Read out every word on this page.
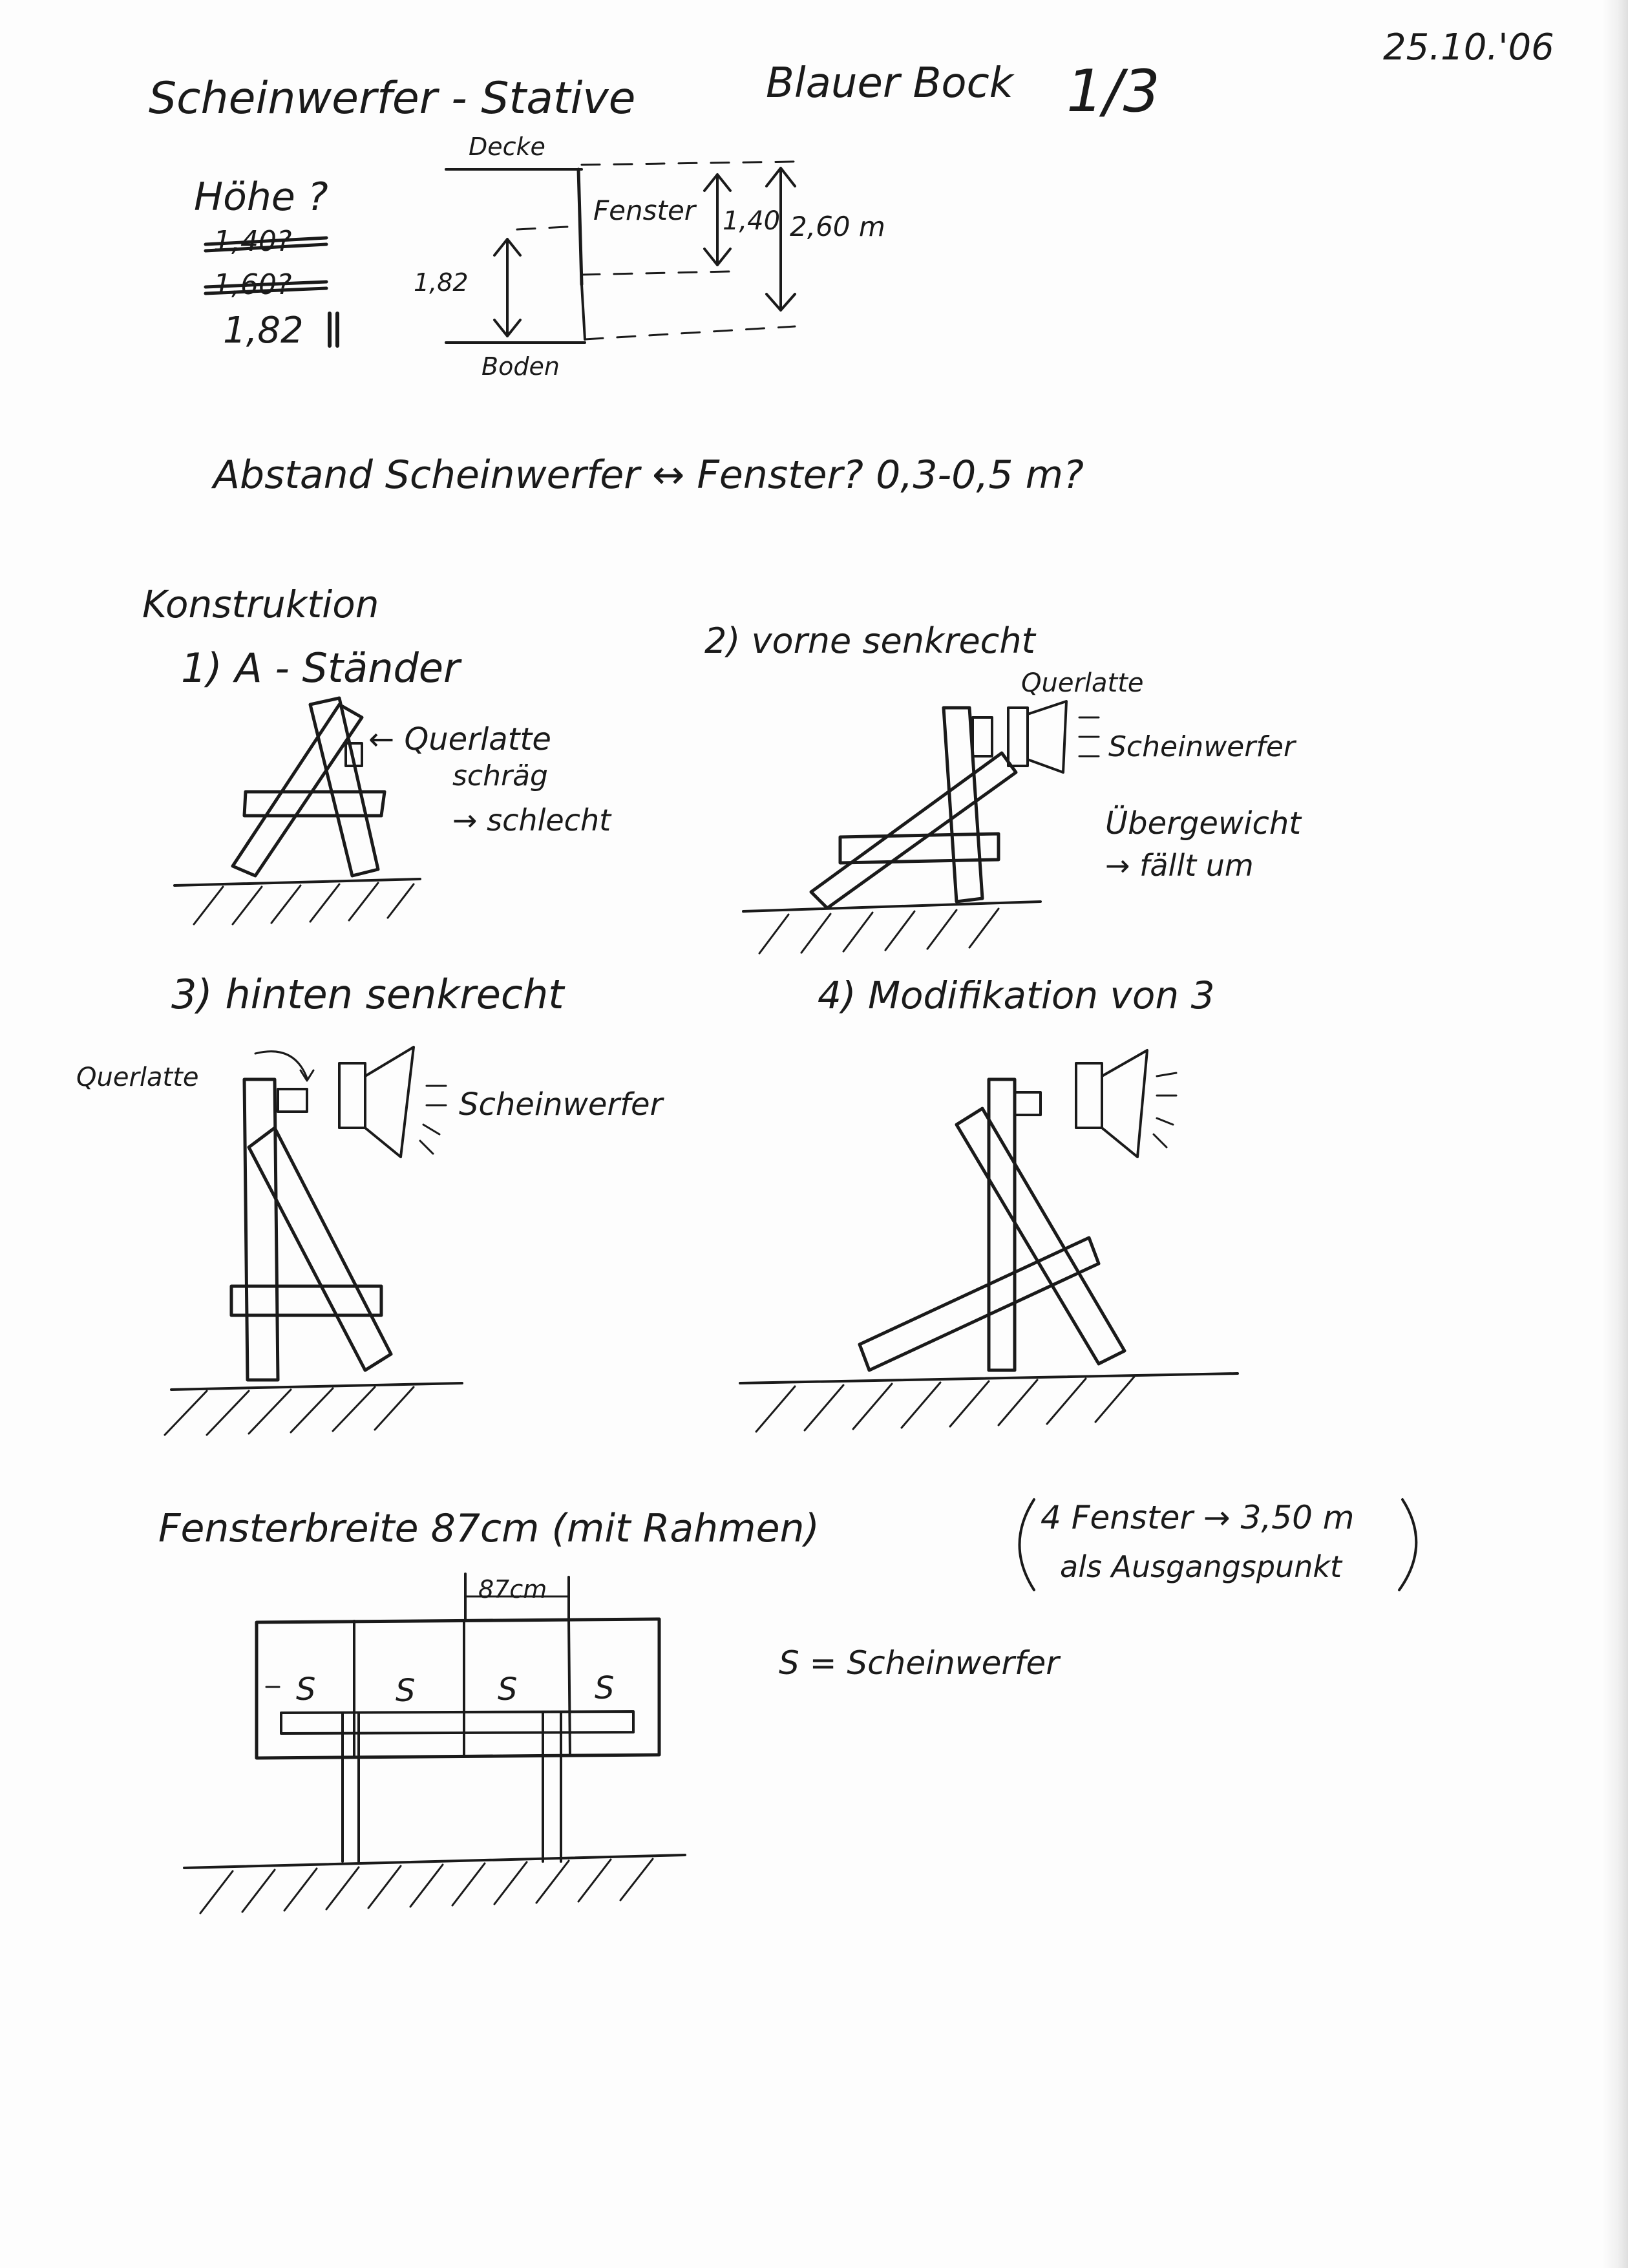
25.10.'06
Scheinwerfer - Stative	Blauer Bock 1/3
Höhe ?
1,40?
1,60?
1,82
Decke
Boden
Fenster 1,40 2,60 m
1,82
Abstand Scheinwerfer ↔ Fenster? 0,3-0,5 m?
Konstruktion
1) A - Ständer
← Querlatte
schräg
→ schlecht
2) vorne senkrecht
Querlatte
Scheinwerfer
Übergewicht
→ fällt um
3) hinten senkrecht
Querlatte
Scheinwerfer
4) Modifikation von 3
Fensterbreite 87cm (mit Rahmen)	4 Fenster → 3,50 m
als Ausgangspunkt
87cm
S	S	S S
S = Scheinwerfer
